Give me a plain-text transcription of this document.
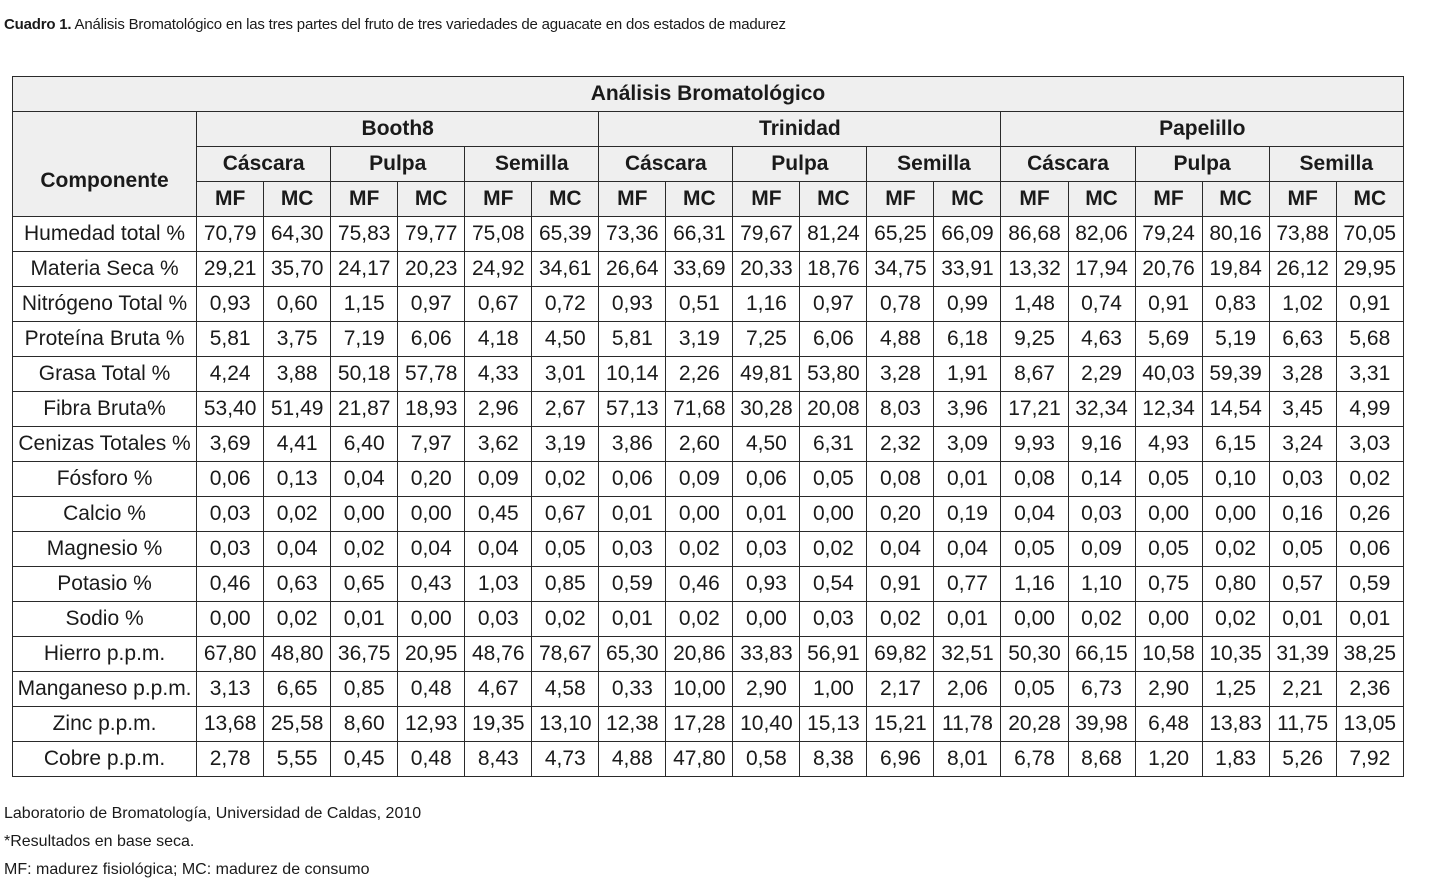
Cuadro 1. Análisis Bromatológico en las tres partes del fruto de tres variedades de aguacate en dos estados de madurez
Análisis Bromatológico																		
	Booth8						Trinidad						Papelillo					
Componente	Cáscara		Pulpa		Semilla		Cáscara		Pulpa		Semilla		Cáscara		Pulpa		Semilla	
	MF	MC	MF	MC	MF	MC	MF	MC	MF	MC	MF	MC	MF	MC	MF	MC	MF	MC
Humedad total %	70,79	64,30	75,83	79,77	75,08	65,39	73,36	66,31	79,67	81,24	65,25	66,09	86,68	82,06	79,24	80,16	73,88	70,05
Materia Seca %	29,21	35,70	24,17	20,23	24,92	34,61	26,64	33,69	20,33	18,76	34,75	33,91	13,32	17,94	20,76	19,84	26,12	29,95
Nitrógeno Total %	0,93	0,60	1,15	0,97	0,67	0,72	0,93	0,51	1,16	0,97	0,78	0,99	1,48	0,74	0,91	0,83	1,02	0,91
Proteína Bruta %	5,81	3,75	7,19	6,06	4,18	4,50	5,81	3,19	7,25	6,06	4,88	6,18	9,25	4,63	5,69	5,19	6,63	5,68
Grasa Total %	4,24	3,88	50,18	57,78	4,33	3,01	10,14	2,26	49,81	53,80	3,28	1,91	8,67	2,29	40,03	59,39	3,28	3,31
Fibra Bruta%	53,40	51,49	21,87	18,93	2,96	2,67	57,13	71,68	30,28	20,08	8,03	3,96	17,21	32,34	12,34	14,54	3,45	4,99
Cenizas Totales %	3,69	4,41	6,40	7,97	3,62	3,19	3,86	2,60	4,50	6,31	2,32	3,09	9,93	9,16	4,93	6,15	3,24	3,03
Fósforo %	0,06	0,13	0,04	0,20	0,09	0,02	0,06	0,09	0,06	0,05	0,08	0,01	0,08	0,14	0,05	0,10	0,03	0,02
Calcio %	0,03	0,02	0,00	0,00	0,45	0,67	0,01	0,00	0,01	0,00	0,20	0,19	0,04	0,03	0,00	0,00	0,16	0,26
Magnesio %	0,03	0,04	0,02	0,04	0,04	0,05	0,03	0,02	0,03	0,02	0,04	0,04	0,05	0,09	0,05	0,02	0,05	0,06
Potasio %	0,46	0,63	0,65	0,43	1,03	0,85	0,59	0,46	0,93	0,54	0,91	0,77	1,16	1,10	0,75	0,80	0,57	0,59
Sodio %	0,00	0,02	0,01	0,00	0,03	0,02	0,01	0,02	0,00	0,03	0,02	0,01	0,00	0,02	0,00	0,02	0,01	0,01
Hierro p.p.m.	67,80	48,80	36,75	20,95	48,76	78,67	65,30	20,86	33,83	56,91	69,82	32,51	50,30	66,15	10,58	10,35	31,39	38,25
Manganeso p.p.m.	3,13	6,65	0,85	0,48	4,67	4,58	0,33	10,00	2,90	1,00	2,17	2,06	0,05	6,73	2,90	1,25	2,21	2,36
Zinc p.p.m.	13,68	25,58	8,60	12,93	19,35	13,10	12,38	17,28	10,40	15,13	15,21	11,78	20,28	39,98	6,48	13,83	11,75	13,05
Cobre p.p.m.	2,78	5,55	0,45	0,48	8,43	4,73	4,88	47,80	0,58	8,38	6,96	8,01	6,78	8,68	1,20	1,83	5,26	7,92
Laboratorio de Bromatología, Universidad de Caldas, 2010
*Resultados en base seca.
MF: madurez fisiológica; MC: madurez de consumo
